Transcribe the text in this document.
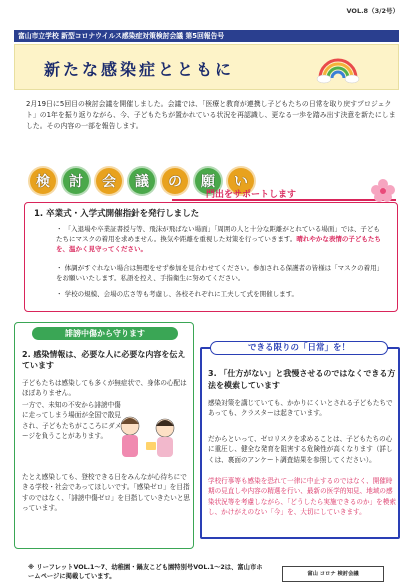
VOL.8（3/2号）
富山市立学校 新型コロナウイルス感染症対策検討会議 第5回報告号
新たな感染症とともに
2月19日に5回目の検討会議を開催しました。会議では、「医療と教育が連携し子どもたちの日常を取り戻すプロジェクト」の1年を振り返りながら、今、子どもたちが置かれている状況を再認識し、更なる一歩を踏み出す決意を新たにしました。その内容の一部を報告します。
検	討	会	議	の	願	い
門出をサポートします
1. 卒業式・入学式開催指針を発行しました
・ 「入退場や卒業証書授与等、飛沫が飛ばない場面」「周囲の人と十分な距離がとれている場面」では、子どもたちにマスクの着用を求めません。換気や距離を重視した対策を行っていきます。晴れやかな表情の子どもたちを、温かく見守ってください。
・ 体調がすぐれない場合は無理をせず参加を見合わせてください。参加される保護者の皆様は「マスクの着用」をお願いいたします。私語を控え、手指衛生に努めてください。
・ 学校の規模、会場の広さ等も考慮し、各校それぞれに工夫して式を開催します。
誹謗中傷から守ります
2. 感染情報は、必要な人に必要な内容を伝えています
子どもたちは感染しても多くが無症状で、身体の心配はほぼありません。
一方で、未知の不安から誹謗中傷に走ってしまう場面が全国で散見され、子どもたちがこころにダメージを負うことがあります。
たとえ感染しても、登校できる日をみんなが心待ちにできる学校・社会であってほしいです。「感染ゼロ」を目指すのではなく、「誹謗中傷ゼロ」を目指していきたいと思っています。
できる限りの「日常」を！
3. 「仕方がない」と我慢させるのではなくできる方法を模索しています
感染対策を講じていても、かかりにくいとされる子どもたちであっても、クラスターは起きています。
だからといって、ゼロリスクを求めることは、子どもたちの心に重圧し、健全な発育を阻害する危険性が高くなります（詳しくは、裏面のアンケート調査結果を参照してください）。
学校行事等も感染を恐れて一律に中止するのではなく、開催時期の見直しや内容の精選を行い、最新の医学的知見、地域の感染状況等を考慮しながら、「どうしたら実施できるのか」を模索し、かけがえのない「今」を、大切にしていきます。
※ リーフレットVOL.1〜7、幼稚園・鍋友こども園特別号VOL.1〜2は、富山市ホームページに掲載しています。	富山 コロナ 検討会議
